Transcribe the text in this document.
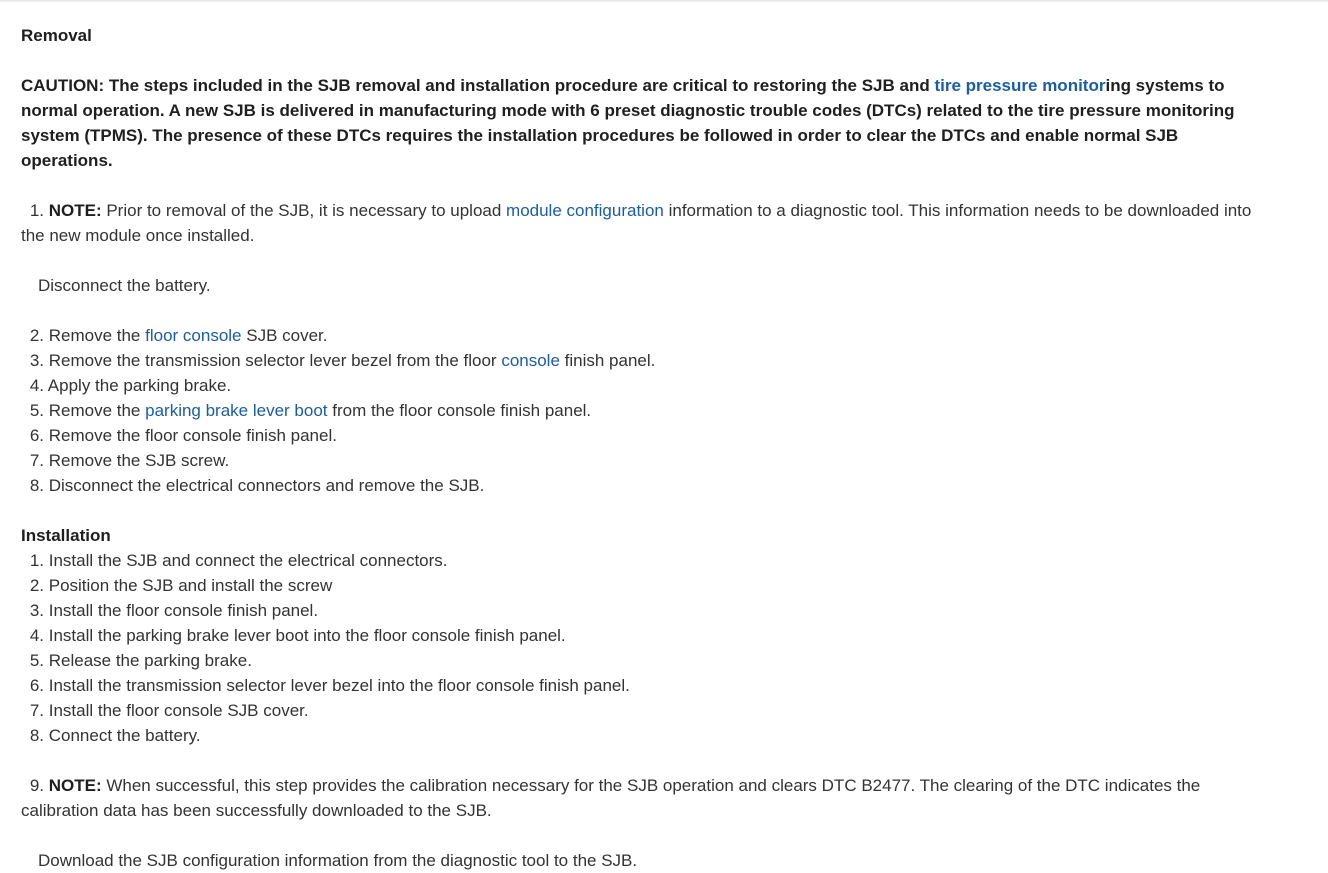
Removal
CAUTION: The steps included in the SJB removal and installation procedure are critical to restoring the SJB and tire pressure monitoring systems to normal operation. A new SJB is delivered in manufacturing mode with 6 preset diagnostic trouble codes (DTCs) related to the tire pressure monitoring system (TPMS). The presence of these DTCs requires the installation procedures be followed in order to clear the DTCs and enable normal SJB operations.
1. NOTE: Prior to removal of the SJB, it is necessary to upload module configuration information to a diagnostic tool. This information needs to be downloaded into the new module once installed.
Disconnect the battery.
2. Remove the floor console SJB cover.
3. Remove the transmission selector lever bezel from the floor console finish panel.
4. Apply the parking brake.
5. Remove the parking brake lever boot from the floor console finish panel.
6. Remove the floor console finish panel.
7. Remove the SJB screw.
8. Disconnect the electrical connectors and remove the SJB.
Installation
1. Install the SJB and connect the electrical connectors.
2. Position the SJB and install the screw
3. Install the floor console finish panel.
4. Install the parking brake lever boot into the floor console finish panel.
5. Release the parking brake.
6. Install the transmission selector lever bezel into the floor console finish panel.
7. Install the floor console SJB cover.
8. Connect the battery.
9. NOTE: When successful, this step provides the calibration necessary for the SJB operation and clears DTC B2477. The clearing of the DTC indicates the calibration data has been successfully downloaded to the SJB.
Download the SJB configuration information from the diagnostic tool to the SJB.
